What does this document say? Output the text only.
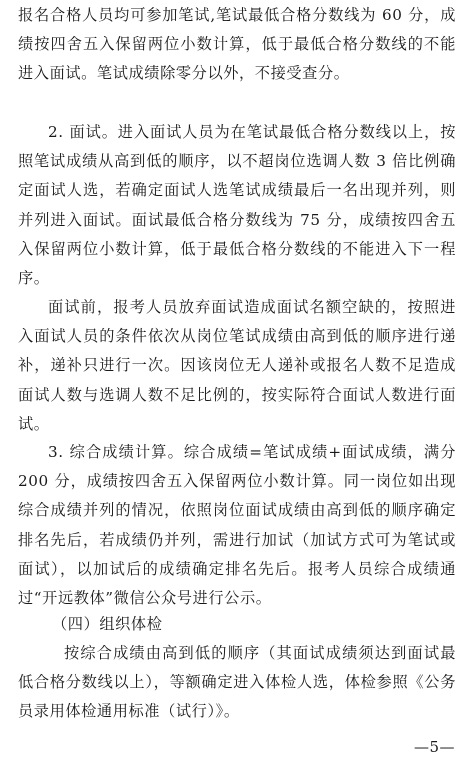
报名合格人员均可参加笔试,笔试最低合格分数线为 60 分，成绩按四舍五入保留两位小数计算，低于最低合格分数线的不能进入面试。笔试成绩除零分以外，不接受查分。

2. 面试。进入面试人员为在笔试最低合格分数线以上，按照笔试成绩从高到低的顺序，以不超岗位选调人数 3 倍比例确定面试人选，若确定面试人选笔试成绩最后一名出现并列，则并列进入面试。面试最低合格分数线为 75 分，成绩按四舍五入保留两位小数计算，低于最低合格分数线的不能进入下一程序。

面试前，报考人员放弃面试造成面试名额空缺的，按照进入面试人员的条件依次从岗位笔试成绩由高到低的顺序进行递补，递补只进行一次。因该岗位无人递补或报名人数不足造成面试人数与选调人数不足比例的，按实际符合面试人数进行面试。

3. 综合成绩计算。综合成绩=笔试成绩+面试成绩，满分 200 分，成绩按四舍五入保留两位小数计算。同一岗位如出现综合成绩并列的情况，依照岗位面试成绩由高到低的顺序确定排名先后，若成绩仍并列，需进行加试（加试方式可为笔试或面试），以加试后的成绩确定排名先后。报考人员综合成绩通过“开远教体”微信公众号进行公示。

（四）组织体检

按综合成绩由高到低的顺序（其面试成绩须达到面试最低合格分数线以上），等额确定进入体检人选，体检参照《公务员录用体检通用标准（试行）》。

—5—
